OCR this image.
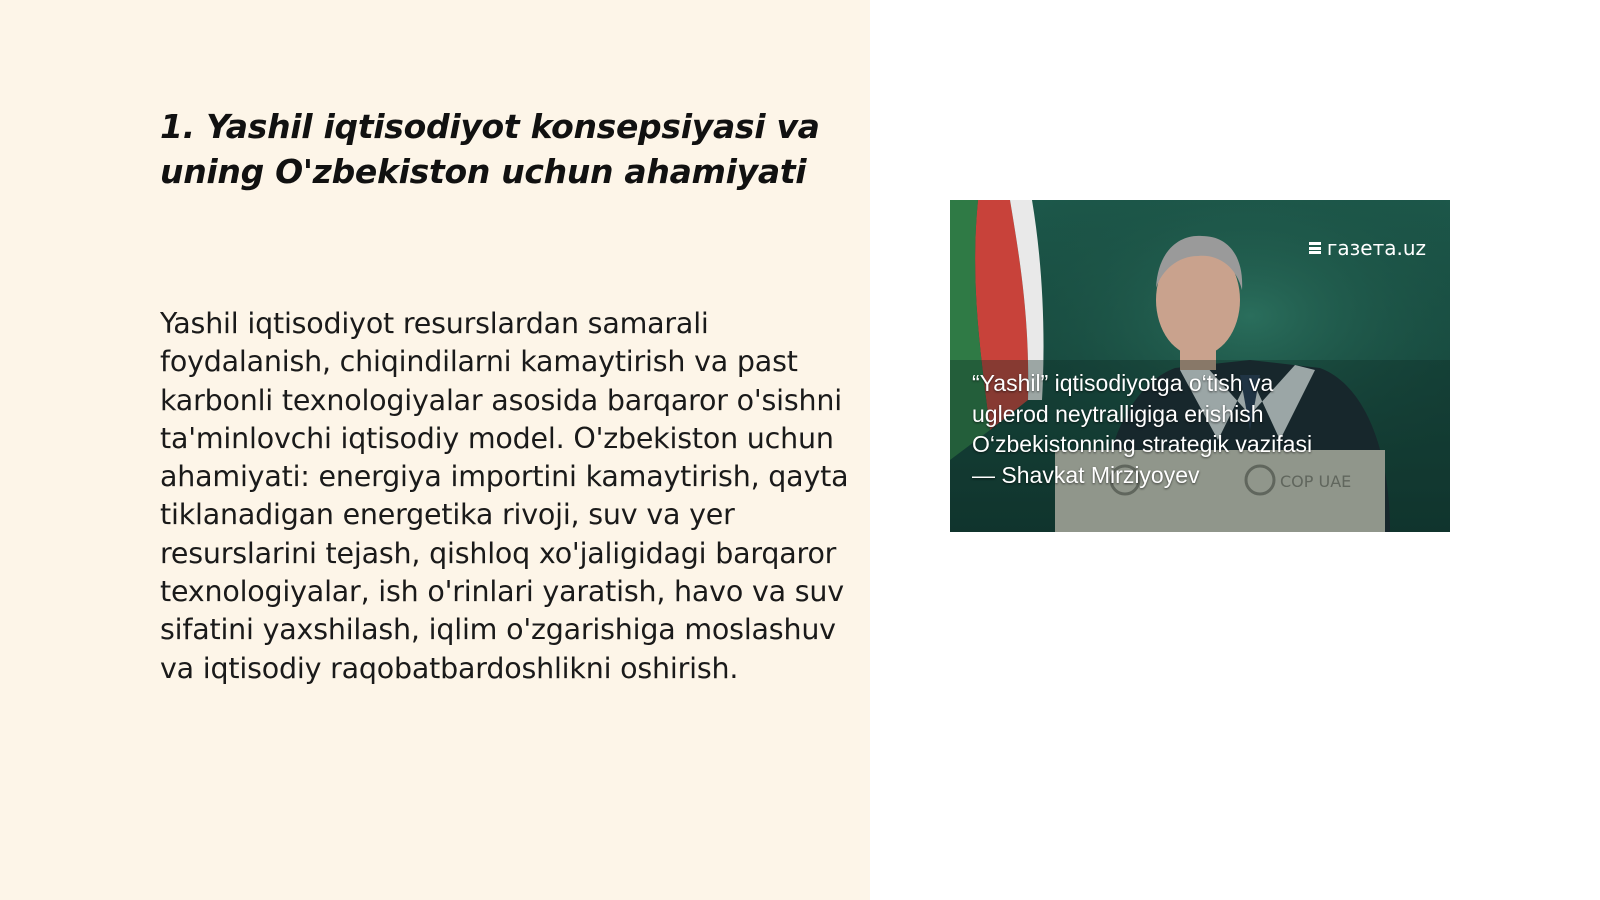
1. Yashil iqtisodiyot konsepsiyasi va uning O'zbekiston uchun ahamiyati

Yashil iqtisodiyot resurslardan samarali foydalanish, chiqindilarni kamaytirish va past karbonli texnologiyalar asosida barqaror o'sishni ta'minlovchi iqtisodiy model. O'zbekiston uchun ahamiyati: energiya importini kamaytirish, qayta tiklanadigan energetika rivoji, suv va yer resurslarini tejash, qishloq xo'jaligidagi barqaror texnologiyalar, ish o'rinlari yaratish, havo va suv sifatini yaxshilash, iqlim o'zgarishiga moslashuv va iqtisodiy raqobatbardoshlikni oshirish.

COP UAE
газета.uz

“Yashil” iqtisodiyotga o‘tish va
uglerod neytralligiga erishish
O‘zbekistonning strategik vazifasi
— Shavkat Mirziyoyev
